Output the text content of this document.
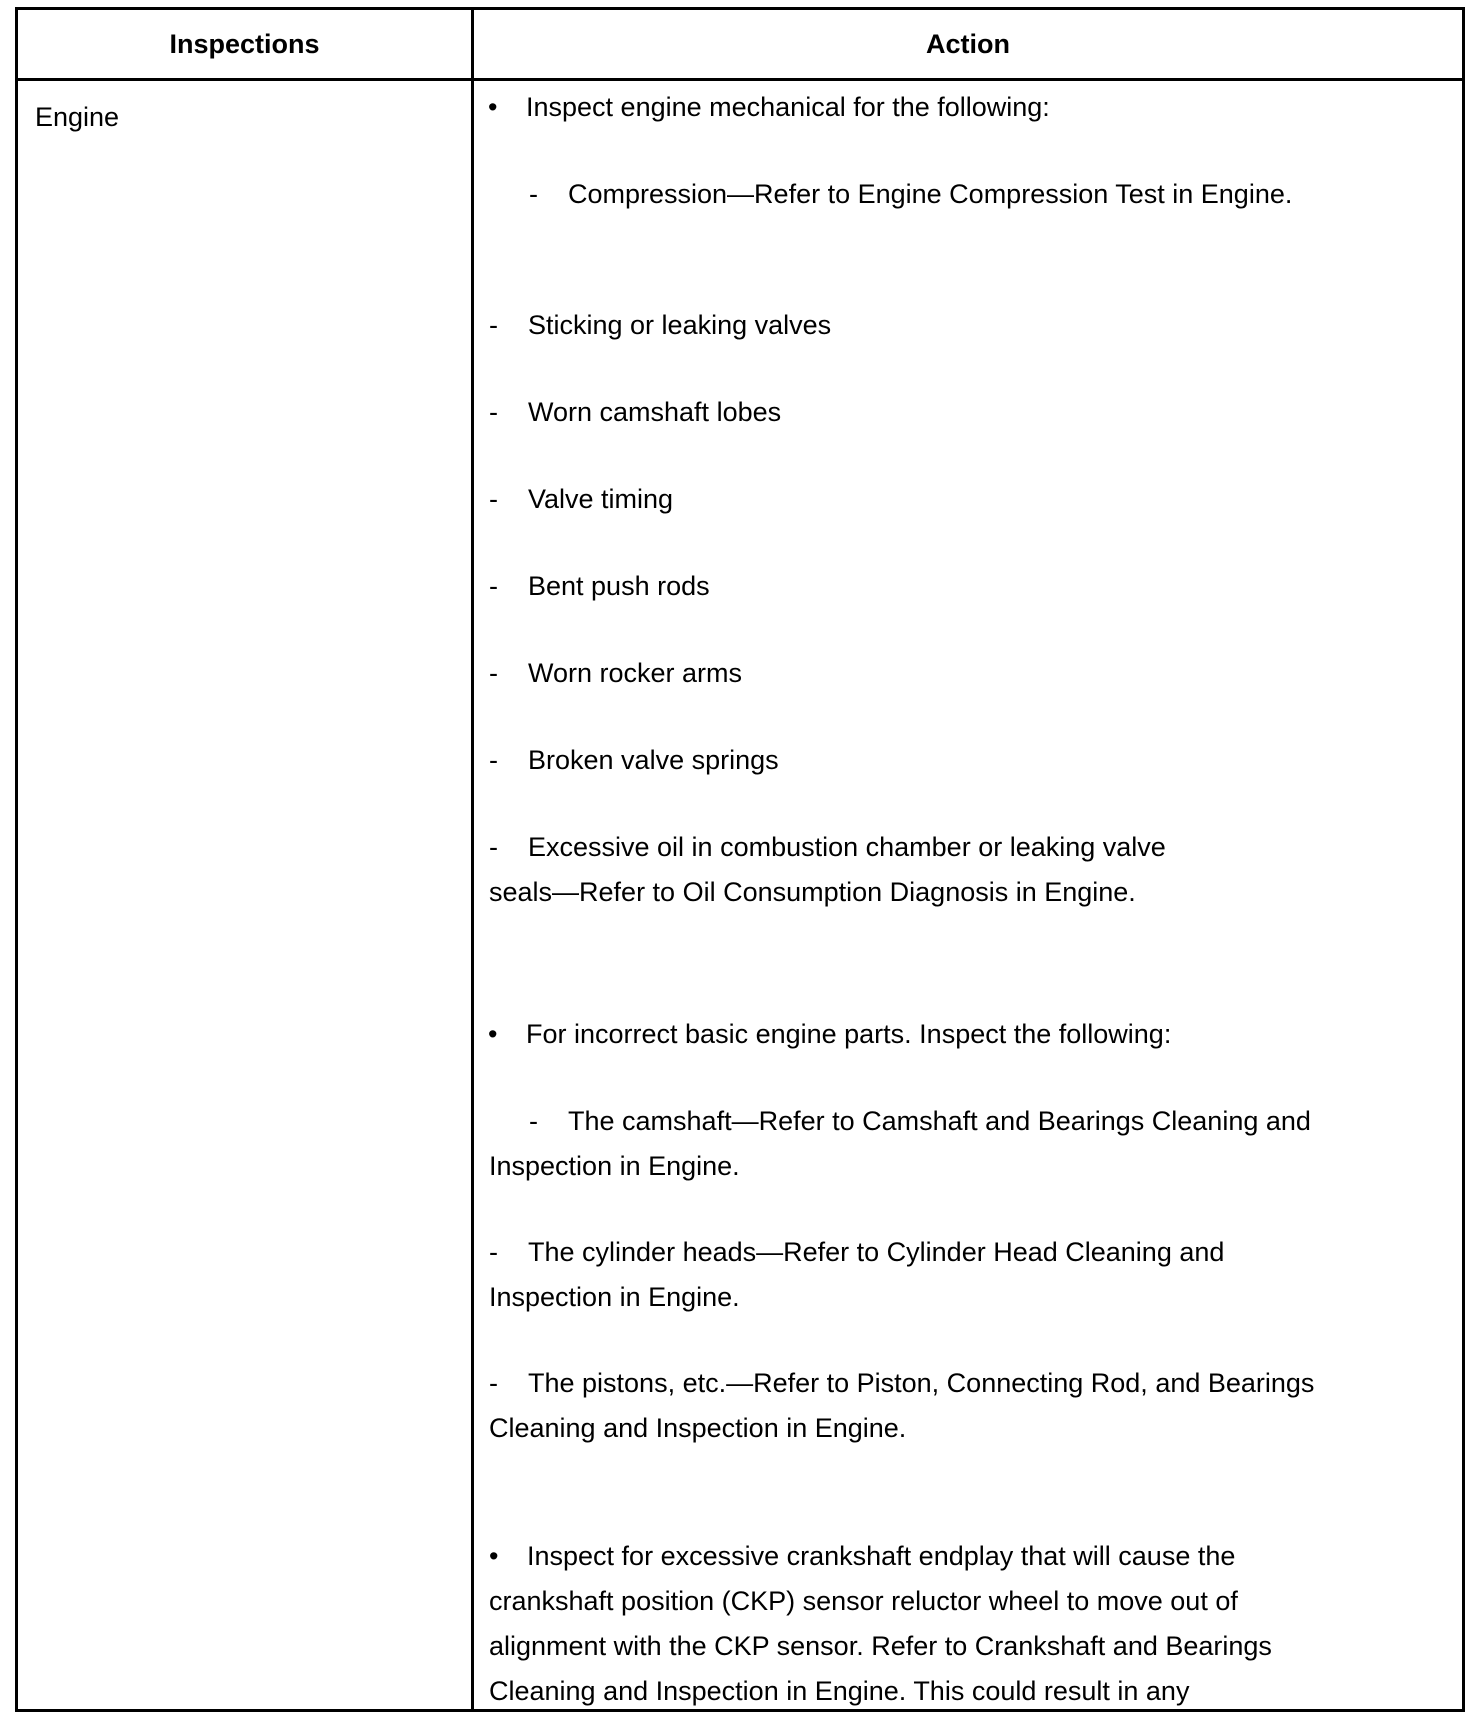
Inspections	Action
Engine	• Inspect engine mechanical for the following:
- Compression—Refer to Engine Compression Test in Engine.
- Sticking or leaking valves
- Worn camshaft lobes
- Valve timing
- Bent push rods
- Worn rocker arms
- Broken valve springs
- Excessive oil in combustion chamber or leaking valve
seals—Refer to Oil Consumption Diagnosis in Engine.
• For incorrect basic engine parts. Inspect the following:
- The camshaft—Refer to Camshaft and Bearings Cleaning and
Inspection in Engine.
- The cylinder heads—Refer to Cylinder Head Cleaning and
Inspection in Engine.
- The pistons, etc.—Refer to Piston, Connecting Rod, and Bearings
Cleaning and Inspection in Engine.
• Inspect for excessive crankshaft endplay that will cause the
crankshaft position (CKP) sensor reluctor wheel to move out of
alignment with the CKP sensor. Refer to Crankshaft and Bearings
Cleaning and Inspection in Engine. This could result in any
